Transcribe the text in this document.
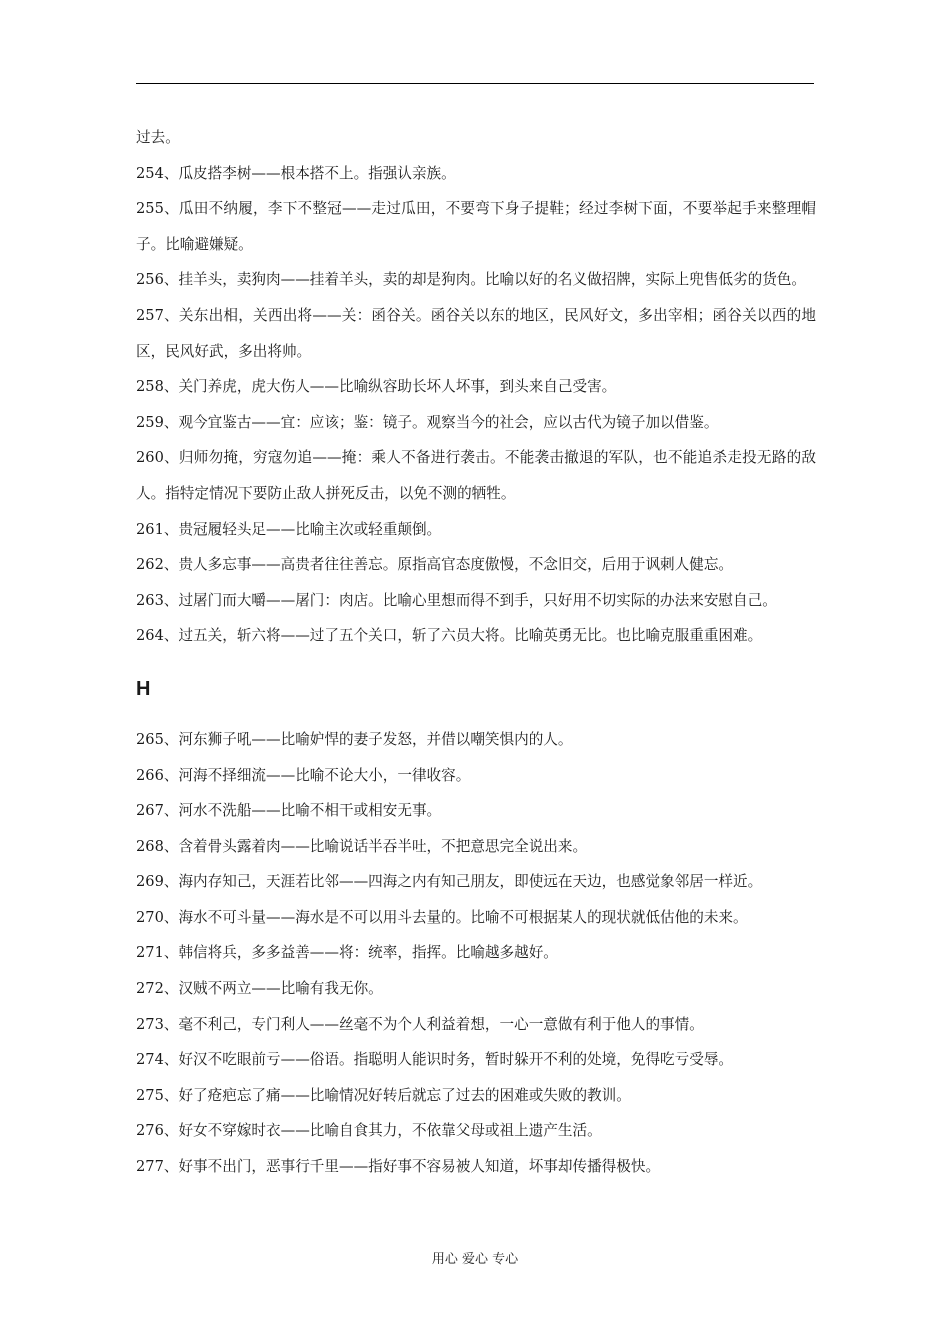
过去。

254、瓜皮搭李树——根本搭不上。指强认亲族。

255、瓜田不纳履，李下不整冠——走过瓜田，不要弯下身子提鞋；经过李树下面，不要举起手来整理帽子。比喻避嫌疑。

256、挂羊头，卖狗肉——挂着羊头，卖的却是狗肉。比喻以好的名义做招牌，实际上兜售低劣的货色。

257、关东出相，关西出将——关：函谷关。函谷关以东的地区，民风好文，多出宰相；函谷关以西的地区，民风好武，多出将帅。

258、关门养虎，虎大伤人——比喻纵容助长坏人坏事，到头来自己受害。

259、观今宜鉴古——宜：应该；鉴：镜子。观察当今的社会，应以古代为镜子加以借鉴。

260、归师勿掩，穷寇勿追——掩：乘人不备进行袭击。不能袭击撤退的军队，也不能追杀走投无路的敌人。指特定情况下要防止敌人拼死反击，以免不测的牺牲。

261、贵冠履轻头足——比喻主次或轻重颠倒。

262、贵人多忘事——高贵者往往善忘。原指高官态度傲慢，不念旧交，后用于讽刺人健忘。

263、过屠门而大嚼——屠门：肉店。比喻心里想而得不到手，只好用不切实际的办法来安慰自己。

264、过五关，斩六将——过了五个关口，斩了六员大将。比喻英勇无比。也比喻克服重重困难。

H

265、河东狮子吼——比喻妒悍的妻子发怒，并借以嘲笑惧内的人。

266、河海不择细流——比喻不论大小，一律收容。

267、河水不洗船——比喻不相干或相安无事。

268、含着骨头露着肉——比喻说话半吞半吐，不把意思完全说出来。

269、海内存知己，天涯若比邻——四海之内有知己朋友，即使远在天边，也感觉象邻居一样近。

270、海水不可斗量——海水是不可以用斗去量的。比喻不可根据某人的现状就低估他的未来。

271、韩信将兵，多多益善——将：统率，指挥。比喻越多越好。

272、汉贼不两立——比喻有我无你。

273、毫不利己，专门利人——丝毫不为个人利益着想，一心一意做有利于他人的事情。

274、好汉不吃眼前亏——俗语。指聪明人能识时务，暂时躲开不利的处境，免得吃亏受辱。

275、好了疮疤忘了痛——比喻情况好转后就忘了过去的困难或失败的教训。

276、好女不穿嫁时衣——比喻自食其力，不依靠父母或祖上遗产生活。

277、好事不出门，恶事行千里——指好事不容易被人知道，坏事却传播得极快。

用心 爱心 专心
